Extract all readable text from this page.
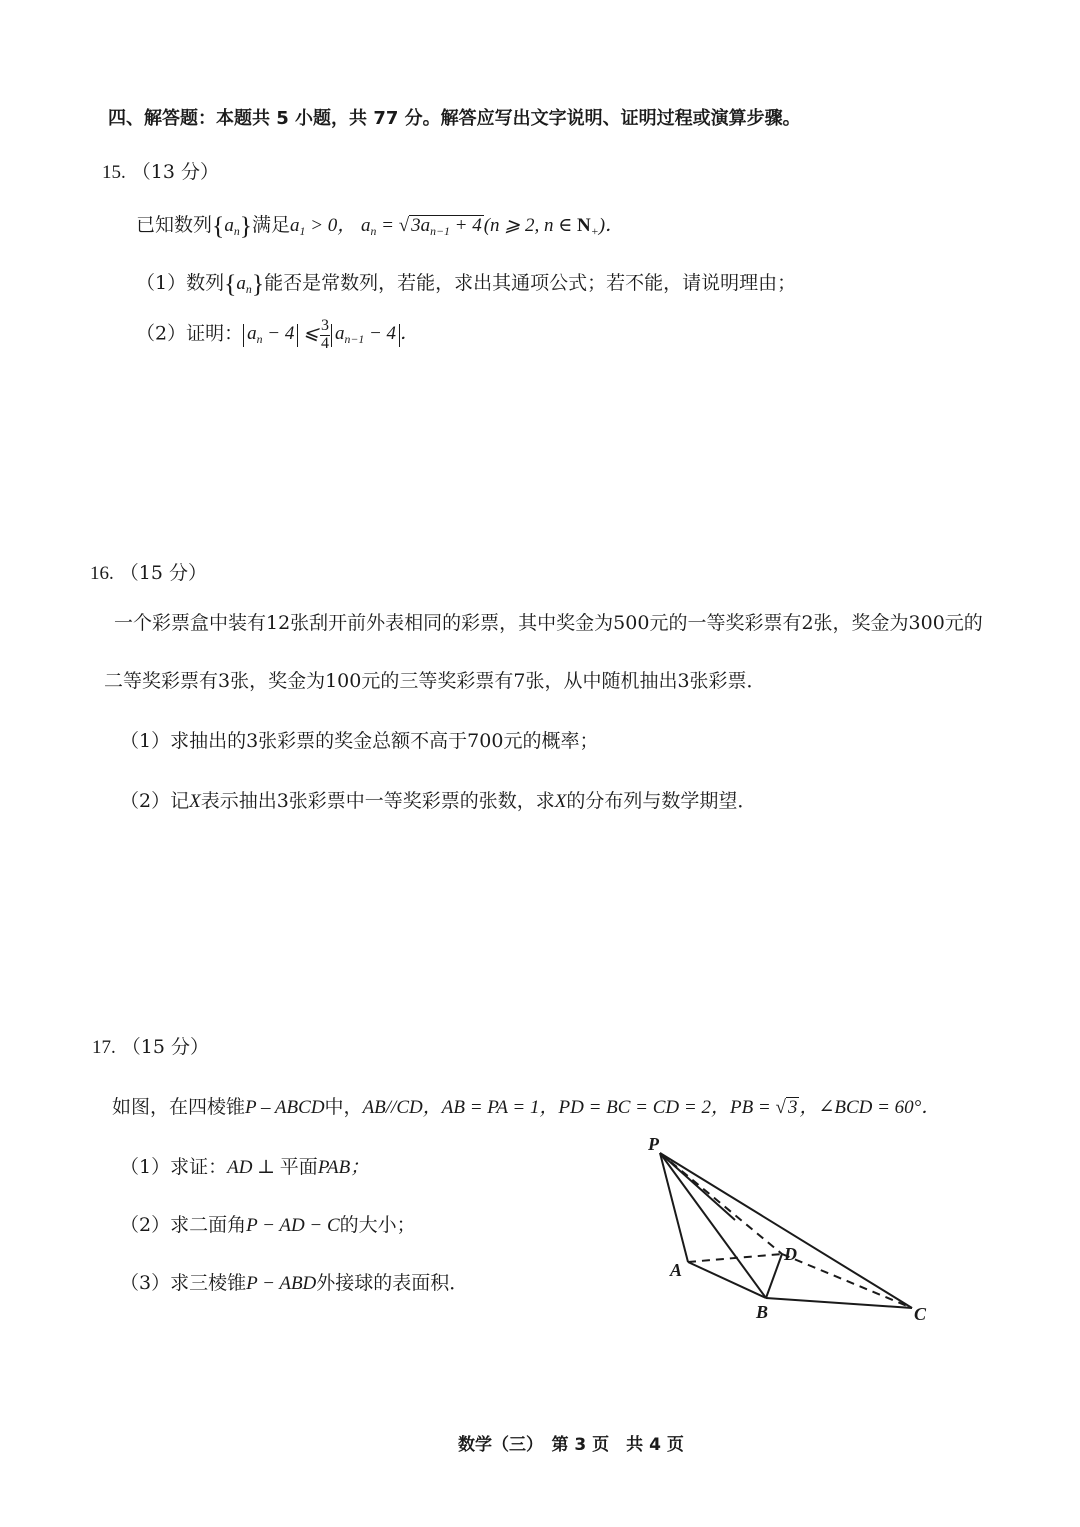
四、解答题：本题共 5 小题，共 77 分。解答应写出文字说明、证明过程或演算步骤。
15. （13 分）
已知数列$\{a_n\}$满足$a_1 > 0$， $a_n$ = √ $3a_{n-1} + 4$ (n ⩾ 2, n ∈ $N_+$)．
（1）数列$\{a_n\}$能否是常数列，若能，求出其通项公式；若不能，请说明理由；
（2）证明： $a_n - 4$ ⩽ $\frac{3}{4} a_{n-1} - 4$ ．
16. （15 分）
一个彩票盒中装有12张刮开前外表相同的彩票，其中奖金为500元的一等奖彩票有2张，奖金为300元的
二等奖彩票有3张，奖金为100元的三等奖彩票有7张，从中随机抽出3张彩票．
（1）求抽出的3张彩票的奖金总额不高于700元的概率；
（2）记X表示抽出3张彩票中一等奖彩票的张数，求X的分布列与数学期望．
17. （15 分）
如图，在四棱锥P – ABCD中，AB//CD，AB = PA = 1，PD = BC = CD = 2，PB = √ 3 ，∠BCD = 60°．
（1）求证：AD ⊥ 平面PAB；
（2）求二面角P − AD − C的大小；
（3）求三棱锥P − ABD外接球的表面积．
P
A
B	C
D
数学（三）　第 3 页　共 4 页
